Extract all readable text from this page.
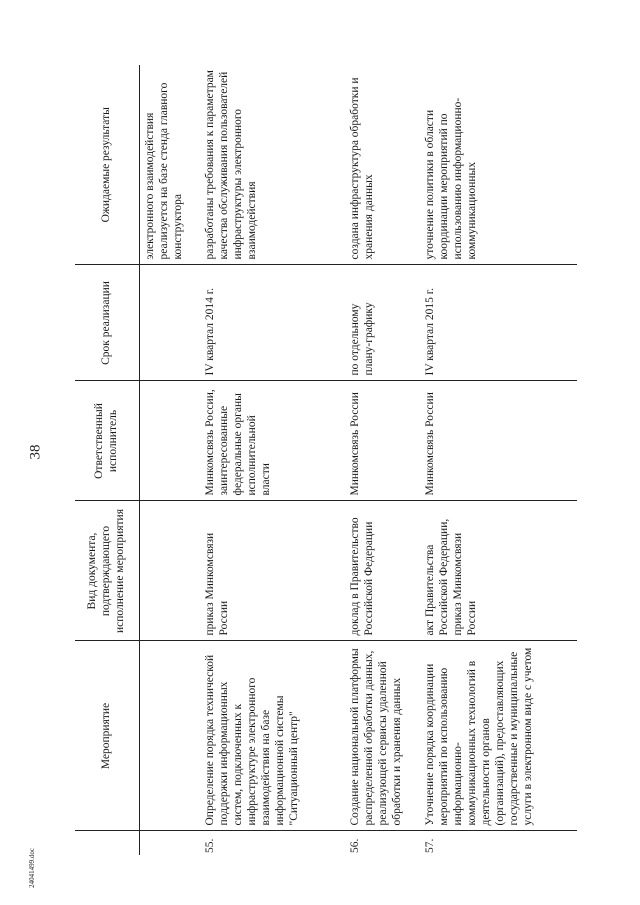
38
24041499.doc
	Мероприятие	Вид документа, подтверждающего исполнение мероприятия	Ответственный исполнитель	Срок реализации	Ожидаемые результаты
					электронного взаимодействия реализуется на базе стенда главного конструктора
55.	Определение порядка технической поддержки информационных систем, подключенных к инфраструктуре электронного взаимодействия на базе информационной системы "Ситуационный центр"	приказ Минкомсвязи России	Минкомсвязь России, заинтересованные федеральные органы исполнительной власти	IV квартал 2014 г.	разработаны требования к параметрам качества обслуживания пользователей инфраструктуры электронного взаимодействия
56.	Создание национальной платформы распределенной обработки данных, реализующей сервисы удаленной обработки и хранения данных	доклад в Правительство Российской Федерации	Минкомсвязь России	по отдельному плану-графику	создана инфраструктура обработки и хранения данных
57.	Уточнение порядка координации мероприятий по использованию информационно-коммуникационных технологий в деятельности органов (организаций), предоставляющих государственные и муниципальные услуги в электронном виде с учетом	акт Правительства Российской Федерации, приказ Минкомсвязи России	Минкомсвязь России	IV квартал 2015 г.	уточнение политики в области координации мероприятий по использованию информационно-коммуникационных
